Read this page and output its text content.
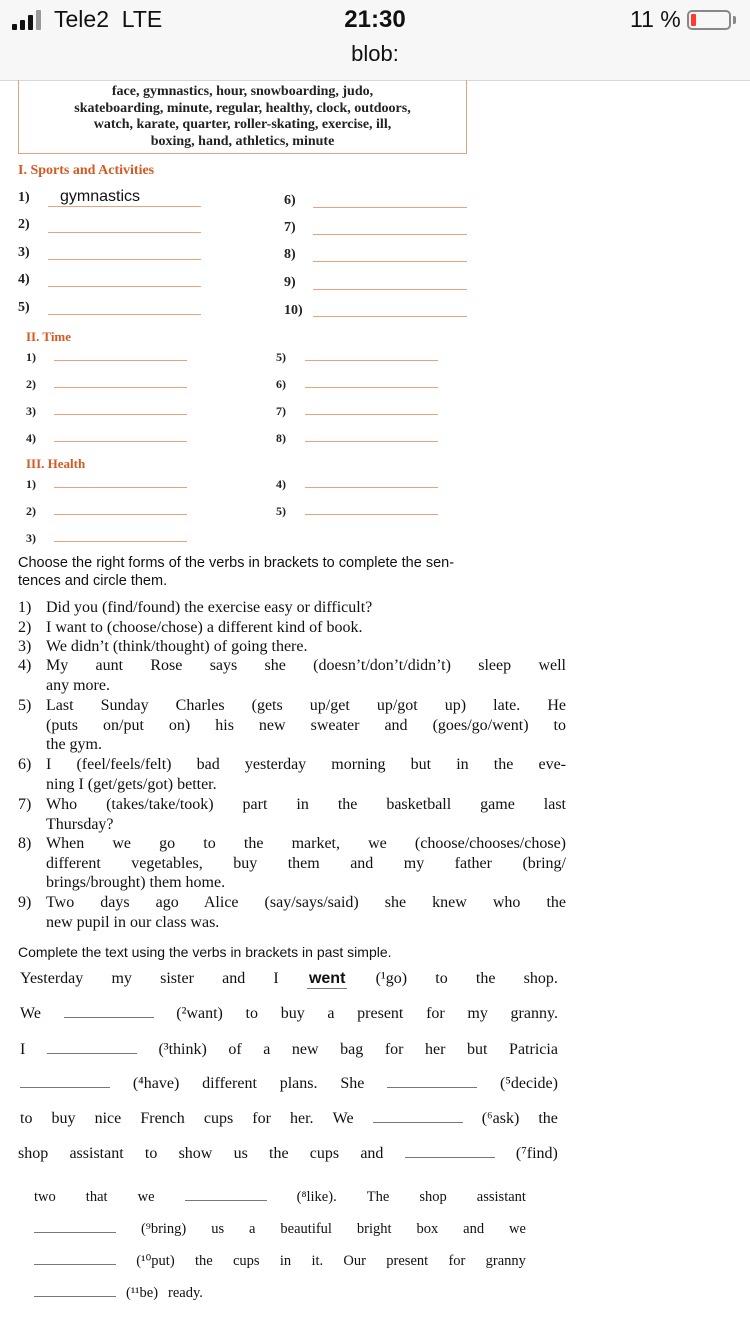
Tele2 LTE	21:30
blob:
11 %
face, gymnastics, hour, snowboarding, judo,
skateboarding, minute, regular, healthy, clock, outdoors,
watch, karate, quarter, roller-skating, exercise, ill,
boxing, hand, athletics, minute
I. Sports and Activities
1) gymnastics
2)
3)
4)
5)
6)
7)
8)
9)
10)
II. Time
1)
2)
3)
4)
5)
6)
7)
8)
III. Health
1)
2)
3)
4)
5)
Choose the right forms of the verbs in brackets to complete the sen-
tences and circle them.
1) Did you (find/found) the exercise easy or difficult?
2) I want to (choose/chose) a different kind of book.
3) We didn’t (think/thought) of going there.
4) My aunt Rose says she (doesn’t/don’t/didn’t) sleep well
any more.
5) Last Sunday Charles (gets up/get up/got up) late. He
(puts on/put on) his new sweater and (goes/go/went) to
the gym.
6) I (feel/feels/felt) bad yesterday morning but in the eve-
ning I (get/gets/got) better.
7) Who (takes/take/took) part in the basketball game last
Thursday?
8) When we go to the market, we (choose/chooses/chose)
different vegetables, buy them and my father (bring/
brings/brought) them home.
9) Two days ago Alice (say/says/said) she knew who the
new pupil in our class was.
Complete the text using the verbs in brackets in past simple.
Yesterday my sister and I went (¹go) to the shop.
We	(²want) to buy a present for my granny.
I	(³think) of a new bag for her but Patricia
(⁴have) different plans. She	(⁵decide)
to buy nice French cups for her. We	(⁶ask) the
shop assistant to show us the cups and	(⁷find)
two that we	(⁸like). The shop assistant
(⁹bring) us a beautiful bright box and we
(¹⁰put) the cups in it. Our present for granny
(¹¹be) ready.
